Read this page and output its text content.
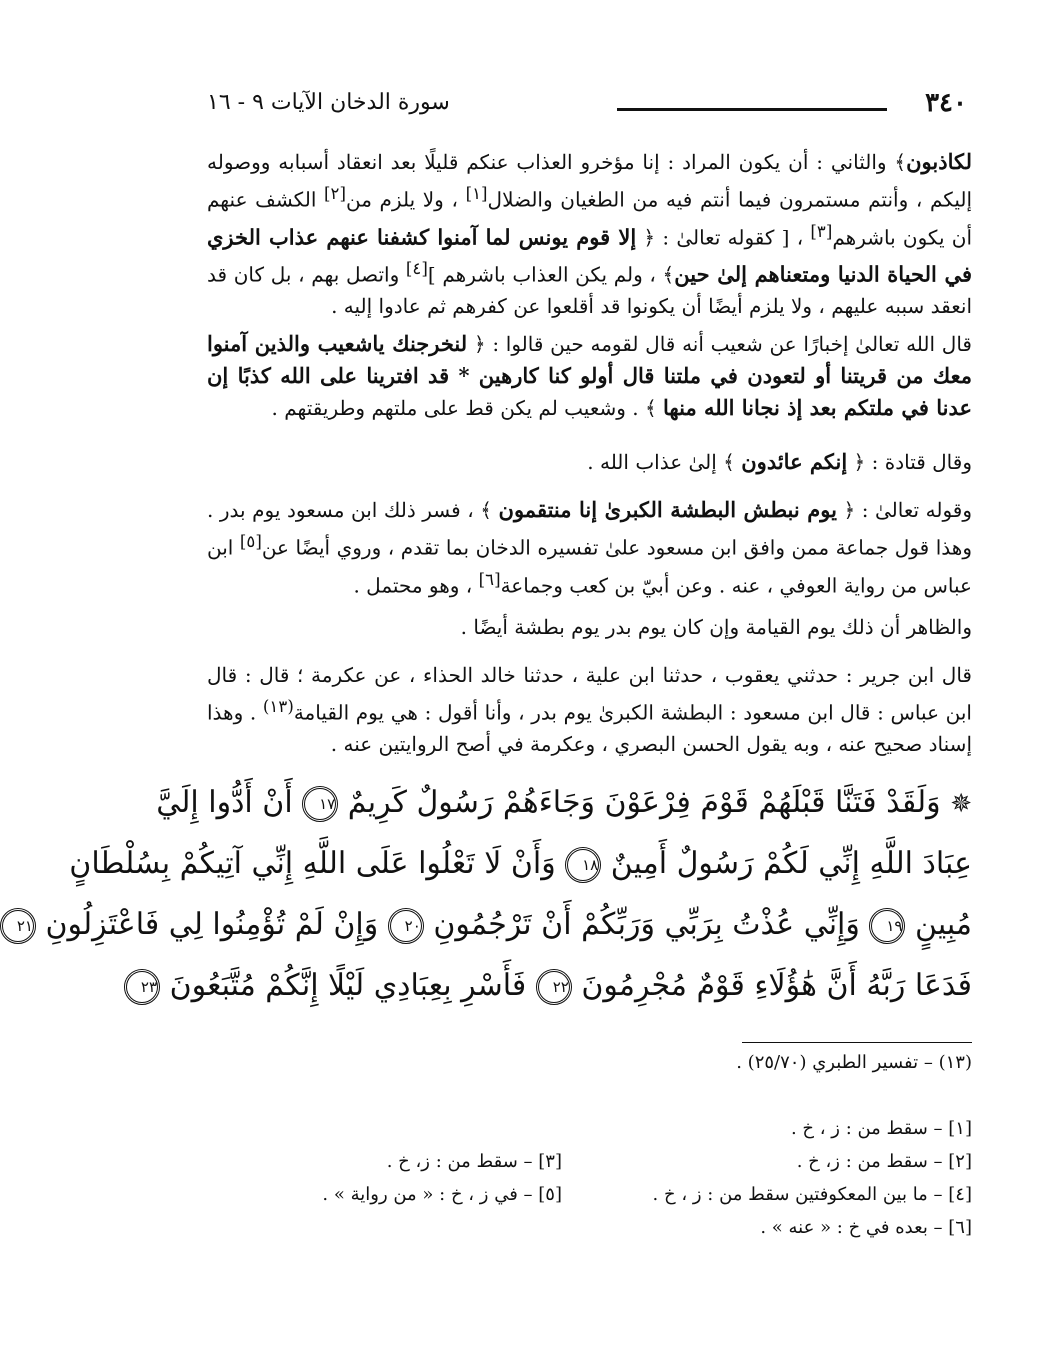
٣٤٠
سورة الدخان الآيات ٩ - ١٦

لكاذبون﴾ والثاني : أن يكون المراد : إنا مؤخرو العذاب عنكم قليلًا بعد انعقاد أسبابه ووصوله إليكم ، وأنتم مستمرون فيما أنتم فيه من الطغيان والضلال[١] ، ولا يلزم من[٢] الكشف عنهم أن يكون باشرهم[٣] ، [ كقوله تعالىٰ : ﴿ إلا قوم يونس لما آمنوا كشفنا عنهم عذاب الخزي في الحياة الدنيا ومتعناهم إلىٰ حين﴾ ، ولم يكن العذاب باشرهم ][٤] واتصل بهم ، بل كان قد انعقد سببه عليهم ، ولا يلزم أيضًا أن يكونوا قد أقلعوا عن كفرهم ثم عادوا إليه .

قال الله تعالىٰ إخبارًا عن شعيب أنه قال لقومه حين قالوا : ﴿ لنخرجنك ياشعيب والذين آمنوا معك من قريتنا أو لتعودن في ملتنا قال أولو كنا كارهين * قد افترينا على الله كذبًا إن عدنا في ملتكم بعد إذ نجانا الله منها ﴾ . وشعيب لم يكن قط على ملتهم وطريقتهم .

وقال قتادة : ﴿ إنكم عائدون ﴾ إلىٰ عذاب الله .

وقوله تعالىٰ : ﴿ يوم نبطش البطشة الكبرىٰ إنا منتقمون ﴾ ، فسر ذلك ابن مسعود يوم بدر . وهذا قول جماعة ممن وافق ابن مسعود علىٰ تفسيره الدخان بما تقدم ، وروي أيضًا عن[٥] ابن عباس من رواية العوفي ، عنه . وعن أبيّ بن كعب وجماعة[٦] ، وهو محتمل .

والظاهر أن ذلك يوم القيامة وإن كان يوم بدر يوم بطشة أيضًا .

قال ابن جرير : حدثني يعقوب ، حدثنا ابن علية ، حدثنا خالد الحذاء ، عن عكرمة ؛ قال : قال ابن عباس : قال ابن مسعود : البطشة الكبرىٰ يوم بدر ، وأنا أقول : هي يوم القيامة$^{(١٣)}$ . وهذا إسناد صحيح عنه ، وبه يقول الحسن البصري ، وعكرمة في أصح الروايتين عنه .

✵ وَلَقَدْ فَتَنَّا قَبْلَهُمْ قَوْمَ فِرْعَوْنَ وَجَاءَهُمْ رَسُولٌ كَرِيمٌ ١٧ أَنْ أَدُّوا إِلَيَّ
عِبَادَ اللَّهِ إِنِّي لَكُمْ رَسُولٌ أَمِينٌ ١٨ وَأَنْ لَا تَعْلُوا عَلَى اللَّهِ إِنِّي آتِيكُمْ بِسُلْطَانٍ
مُبِينٍ ١٩ وَإِنِّي عُذْتُ بِرَبِّي وَرَبِّكُمْ أَنْ تَرْجُمُونِ ٢٠ وَإِنْ لَمْ تُؤْمِنُوا لِي فَاعْتَزِلُونِ ٢١
فَدَعَا رَبَّهُ أَنَّ هَٰؤُلَاءِ قَوْمٌ مُجْرِمُونَ ٢٢ فَأَسْرِ بِعِبَادِي لَيْلًا إِنَّكُمْ مُتَّبَعُونَ ٢٣
(١٣) – تفسير الطبري (٢٥/٧٠) .
[١] – سقط من : ز ، خ .
[٢] – سقط من : ز، خ .
[٣] – سقط من : ز، خ .
[٤] – ما بين المعكوفتين سقط من : ز ، خ .
[٥] – في ز ، خ : « من رواية » .
[٦] – بعده في خ : « عنه » .
